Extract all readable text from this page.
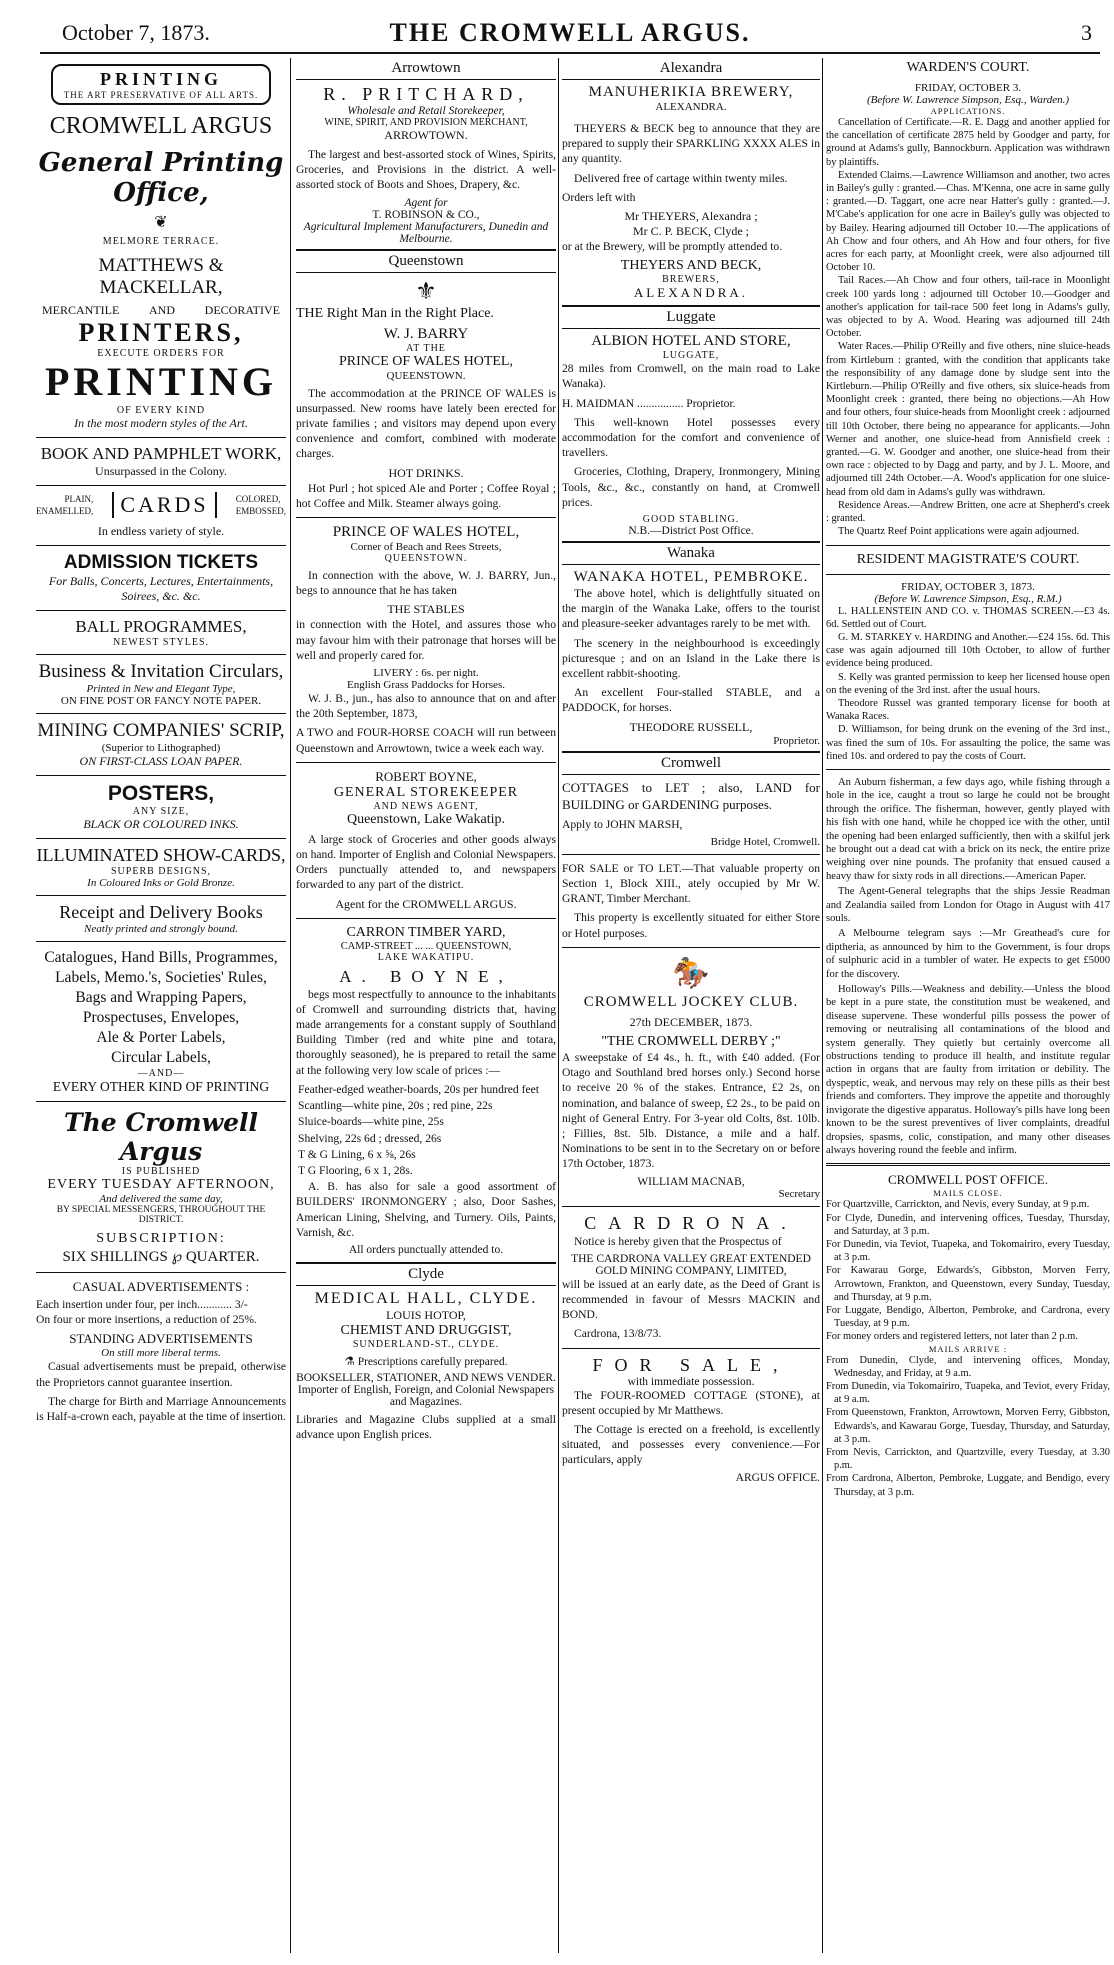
October 7, 1873.	THE CROMWELL ARGUS.	3
PRINTING
THE ART PRESERVATIVE OF ALL ARTS.
CROMWELL ARGUS
General Printing Office,
❦
MELMORE TERRACE.
MATTHEWS & MACKELLAR,
MERCANTILE AND DECORATIVE
PRINTERS,
EXECUTE ORDERS FOR
PRINTING
OF EVERY KIND
In the most modern styles of the Art.
BOOK AND PAMPHLET WORK,
Unsurpassed in the Colony.
PLAIN,
ENAMELLED,	CARDS	COLORED,
EMBOSSED,
In endless variety of style.
ADMISSION TICKETS
For Balls, Concerts, Lectures, Entertainments, Soirees, &c. &c.
BALL PROGRAMMES,
NEWEST STYLES.
Business & Invitation Circulars,
Printed in New and Elegant Type,
ON FINE POST OR FANCY NOTE PAPER.
MINING COMPANIES' SCRIP,
(Superior to Lithographed)
ON FIRST-CLASS LOAN PAPER.
POSTERS,
ANY SIZE,
BLACK OR COLOURED INKS.
ILLUMINATED SHOW-CARDS,
SUPERB DESIGNS,
In Coloured Inks or Gold Bronze.
Receipt and Delivery Books
Neatly printed and strongly bound.
Catalogues, Hand Bills, Programmes,
Labels, Memo.'s, Societies' Rules,
Bags and Wrapping Papers,
Prospectuses, Envelopes,
Ale & Porter Labels,
Circular Labels,
—AND—
EVERY OTHER KIND OF PRINTING
The Cromwell Argus
IS PUBLISHED
EVERY TUESDAY AFTERNOON,
And delivered the same day,
BY SPECIAL MESSENGERS, THROUGHOUT THE DISTRICT.
SUBSCRIPTION:
SIX SHILLINGS ℘ QUARTER.
CASUAL ADVERTISEMENTS :
Each insertion under four, per inch............ 3/-
On four or more insertions, a reduction of 25%.
STANDING ADVERTISEMENTS
On still more liberal terms.
Casual advertisements must be prepaid, otherwise the Proprietors cannot guarantee insertion.
The charge for Birth and Marriage Announcements is Half-a-crown each, payable at the time of insertion.
Arrowtown
R. PRITCHARD,
Wholesale and Retail Storekeeper,
WINE, SPIRIT, AND PROVISION MERCHANT,
ARROWTOWN.
The largest and best-assorted stock of Wines, Spirits, Groceries, and Provisions in the district. A well-assorted stock of Boots and Shoes, Drapery, &c.
Agent for
T. ROBINSON & CO.,
Agricultural Implement Manufacturers, Dunedin and Melbourne.
Queenstown
⚜
THE Right Man in the Right Place.
W. J. BARRY
AT THE
PRINCE OF WALES HOTEL,
QUEENSTOWN.
The accommodation at the PRINCE OF WALES is unsurpassed. New rooms have lately been erected for private families ; and visitors may depend upon every convenience and comfort, combined with moderate charges.
HOT DRINKS.
Hot Purl ; hot spiced Ale and Porter ; Coffee Royal ; hot Coffee and Milk. Steamer always going.
PRINCE OF WALES HOTEL,
Corner of Beach and Rees Streets,
QUEENSTOWN.
In connection with the above, W. J. BARRY, Jun., begs to announce that he has taken
THE STABLES
in connection with the Hotel, and assures those who may favour him with their patronage that horses will be well and properly cared for.
LIVERY : 6s. per night.
English Grass Paddocks for Horses.
W. J. B., jun., has also to announce that on and after the 20th September, 1873,
A TWO and FOUR-HORSE COACH will run between Queenstown and Arrowtown, twice a week each way.
ROBERT BOYNE,
GENERAL STOREKEEPER
AND NEWS AGENT,
Queenstown, Lake Wakatip.
A large stock of Groceries and other goods always on hand. Importer of English and Colonial Newspapers. Orders punctually attended to, and newspapers forwarded to any part of the district.
Agent for the CROMWELL ARGUS.
CARRON TIMBER YARD,
CAMP-STREET ... ... QUEENSTOWN,
LAKE WAKATIPU.
A. BOYNE,
begs most respectfully to announce to the inhabitants of Cromwell and surrounding districts that, having made arrangements for a constant supply of Southland Building Timber (red and white pine and totara, thoroughly seasoned), he is prepared to retail the same at the following very low scale of prices :—
Feather-edged weather-boards, 20s per hundred feet
Scantling—white pine, 20s ; red pine, 22s
Sluice-boards—white pine, 25s
Shelving, 22s 6d ; dressed, 26s
T & G Lining, 6 x ⅝, 26s
T G Flooring, 6 x 1, 28s.
A. B. has also for sale a good assortment of BUILDERS' IRONMONGERY ; also, Door Sashes, American Lining, Shelving, and Turnery. Oils, Paints, Varnish, &c.
All orders punctually attended to.
Clyde
MEDICAL HALL, CLYDE.
LOUIS HOTOP,
CHEMIST AND DRUGGIST,
SUNDERLAND-ST., CLYDE.
⚗ Prescriptions carefully prepared.
BOOKSELLER, STATIONER, AND NEWS VENDER.
Importer of English, Foreign, and Colonial Newspapers and Magazines.
Libraries and Magazine Clubs supplied at a small advance upon English prices.
Alexandra
MANUHERIKIA BREWERY,
ALEXANDRA.
THEYERS & BECK beg to announce that they are prepared to supply their SPARKLING XXXX ALES in any quantity.
Delivered free of cartage within twenty miles.
Orders left with
Mr THEYERS, Alexandra ;
Mr C. P. BECK, Clyde ;
or at the Brewery, will be promptly attended to.
THEYERS AND BECK,
BREWERS,
ALEXANDRA.
Luggate
ALBION HOTEL AND STORE,
LUGGATE,
28 miles from Cromwell, on the main road to Lake Wanaka).
H. MAIDMAN ................ Proprietor.
This well-known Hotel possesses every accommodation for the comfort and convenience of travellers.
Groceries, Clothing, Drapery, Ironmongery, Mining Tools, &c., &c., constantly on hand, at Cromwell prices.
GOOD STABLING.
N.B.—District Post Office.
Wanaka
WANAKA HOTEL, PEMBROKE.
The above hotel, which is delightfully situated on the margin of the Wanaka Lake, offers to the tourist and pleasure-seeker advantages rarely to be met with.
The scenery in the neighbourhood is exceedingly picturesque ; and on an Island in the Lake there is excellent rabbit-shooting.
An excellent Four-stalled STABLE, and a PADDOCK, for horses.
THEODORE RUSSELL,
Proprietor.
Cromwell
COTTAGES to LET ; also, LAND for BUILDING or GARDENING purposes.
Apply to JOHN MARSH,
Bridge Hotel, Cromwell.
FOR SALE or TO LET.—That valuable property on Section 1, Block XIII., ately occupied by Mr W. GRANT, Timber Merchant.
This property is excellently situated for either Store or Hotel purposes.
🏇
CROMWELL JOCKEY CLUB.
27th DECEMBER, 1873.
"THE CROMWELL DERBY ;"
A sweepstake of £4 4s., h. ft., with £40 added. (For Otago and Southland bred horses only.) Second horse to receive 20 % of the stakes. Entrance, £2 2s, on nomination, and balance of sweep, £2 2s., to be paid on night of General Entry. For 3-year old Colts, 8st. 10lb. ; Fillies, 8st. 5lb. Distance, a mile and a half. Nominations to be sent in to the Secretary on or before 17th October, 1873.
WILLIAM MACNAB,
Secretary
CARDRONA.
Notice is hereby given that the Prospectus of
THE CARDRONA VALLEY GREAT EXTENDED GOLD MINING COMPANY, LIMITED,
will be issued at an early date, as the Deed of Grant is recommended in favour of Messrs MACKIN and BOND.
Cardrona, 13/8/73.
FOR SALE,
with immediate possession.
The FOUR-ROOMED COTTAGE (STONE), at present occupied by Mr Matthews.
The Cottage is erected on a freehold, is excellently situated, and possesses every convenience.—For particulars, apply
ARGUS OFFICE.
WARDEN'S COURT.
FRIDAY, OCTOBER 3.
(Before W. Lawrence Simpson, Esq., Warden.)
APPLICATIONS.
Cancellation of Certificate.—R. E. Dagg and another applied for the cancellation of certificate 2875 held by Goodger and party, for ground at Adams's gully, Bannockburn. Application was withdrawn by plaintiffs.
Extended Claims.—Lawrence Williamson and another, two acres in Bailey's gully : granted.—Chas. M'Kenna, one acre in same gully : granted.—D. Taggart, one acre near Hatter's gully : granted.—J. M'Cabe's application for one acre in Bailey's gully was objected to by Bailey. Hearing adjourned till October 10.—The applications of Ah Chow and four others, and Ah How and four others, for five acres for each party, at Moonlight creek, were also adjourned till October 10.
Tail Races.—Ah Chow and four others, tail-race in Moonlight creek 100 yards long : adjourned till October 10.—Goodger and another's application for tail-race 500 feet long in Adams's gully, was objected to by A. Wood. Hearing was adjourned till 24th October.
Water Races.—Philip O'Reilly and five others, nine sluice-heads from Kirtleburn : granted, with the condition that applicants take the responsibility of any damage done by sludge sent into the Kirtleburn.—Philip O'Reilly and five others, six sluice-heads from Moonlight creek : granted, there being no objections.—Ah How and four others, four sluice-heads from Moonlight creek : adjourned till 10th October, there being no appearance for applicants.—John Werner and another, one sluice-head from Annisfield creek : granted.—G. W. Goodger and another, one sluice-head from their own race : objected to by Dagg and party, and by J. L. Moore, and adjourned till 24th October.—A. Wood's application for one sluice-head from old dam in Adams's gully was withdrawn.
Residence Areas.—Andrew Britten, one acre at Shepherd's creek : granted.
The Quartz Reef Point applications were again adjourned.
RESIDENT MAGISTRATE'S COURT.
FRIDAY, OCTOBER 3, 1873.
(Before W. Lawrence Simpson, Esq., R.M.)
L. HALLENSTEIN AND CO. v. THOMAS SCREEN.—£3 4s. 6d. Settled out of Court.
G. M. STARKEY v. HARDING and Another.—£24 15s. 6d. This case was again adjourned till 10th October, to allow of further evidence being produced.
S. Kelly was granted permission to keep her licensed house open on the evening of the 3rd inst. after the usual hours.
Theodore Russel was granted temporary license for booth at Wanaka Races.
D. Williamson, for being drunk on the evening of the 3rd inst., was fined the sum of 10s. For assaulting the police, the same was fined 10s. and ordered to pay the costs of Court.
An Auburn fisherman, a few days ago, while fishing through a hole in the ice, caught a trout so large he could not be brought through the orifice. The fisherman, however, gently played with his fish with one hand, while he chopped ice with the other, until the opening had been enlarged sufficiently, then with a skilful jerk he brought out a dead cat with a brick on its neck, the entire prize weighing over nine pounds. The profanity that ensued caused a heavy thaw for sixty rods in all directions.—American Paper.
The Agent-General telegraphs that the ships Jessie Readman and Zealandia sailed from London for Otago in August with 417 souls.
A Melbourne telegram says :—Mr Greathead's cure for diptheria, as announced by him to the Government, is four drops of sulphuric acid in a tumbler of water. He expects to get £5000 for the discovery.
Holloway's Pills.—Weakness and debility.—Unless the blood be kept in a pure state, the constitution must be weakened, and disease supervene. These wonderful pills possess the power of removing or neutralising all contaminations of the blood and system generally. They quietly but certainly overcome all obstructions tending to produce ill health, and institute regular action in organs that are faulty from irritation or debility. The dyspeptic, weak, and nervous may rely on these pills as their best friends and comforters. They improve the appetite and thoroughly invigorate the digestive apparatus. Holloway's pills have long been known to be the surest preventives of liver complaints, dreadful dropsies, spasms, colic, constipation, and many other diseases always hovering round the feeble and infirm.
CROMWELL POST OFFICE.
MAILS CLOSE.
For Quartzville, Carrickton, and Nevis, every Sunday, at 9 p.m.
For Clyde, Dunedin, and intervening offices, Tuesday, Thursday, and Saturday, at 3 p.m.
For Dunedin, via Teviot, Tuapeka, and Tokomairiro, every Tuesday, at 3 p.m.
For Kawarau Gorge, Edwards's, Gibbston, Morven Ferry, Arrowtown, Frankton, and Queenstown, every Sunday, Tuesday, and Thursday, at 9 p.m.
For Luggate, Bendigo, Alberton, Pembroke, and Cardrona, every Tuesday, at 9 p.m.
For money orders and registered letters, not later than 2 p.m.
MAILS ARRIVE :
From Dunedin, Clyde, and intervening offices, Monday, Wednesday, and Friday, at 9 a.m.
From Dunedin, via Tokomairiro, Tuapeka, and Teviot, every Friday, at 9 a.m.
From Queenstown, Frankton, Arrowtown, Morven Ferry, Gibbston, Edwards's, and Kawarau Gorge, Tuesday, Thursday, and Saturday, at 3 p.m.
From Nevis, Carrickton, and Quartzville, every Tuesday, at 3.30 p.m.
From Cardrona, Alberton, Pembroke, Luggate, and Bendigo, every Thursday, at 3 p.m.
